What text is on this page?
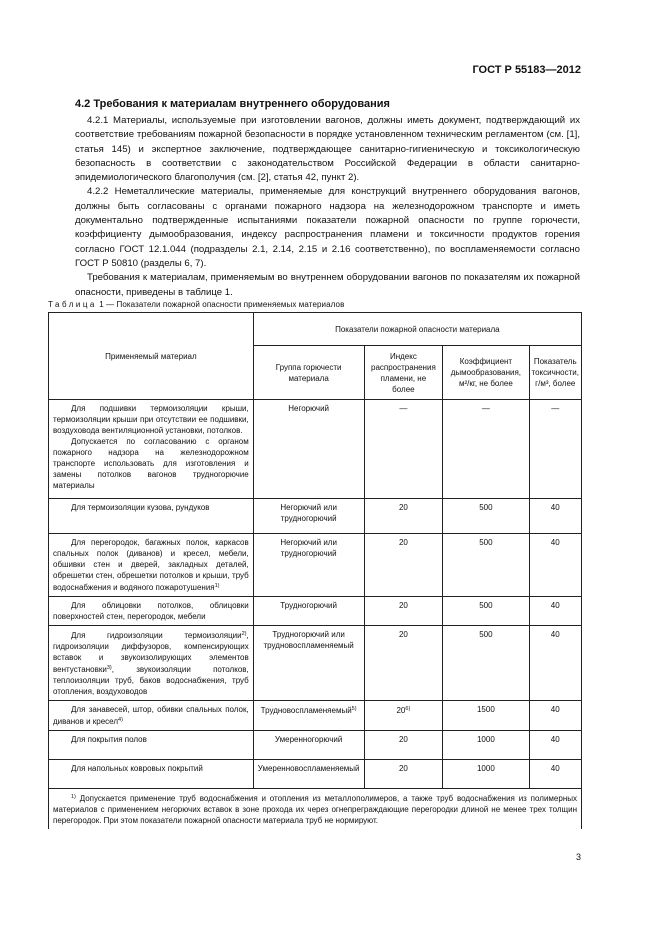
ГОСТ Р 55183—2012
4.2 Требования к материалам внутреннего оборудования

4.2.1 Материалы, используемые при изготовлении вагонов, должны иметь документ, подтверждающий их соответствие требованиям пожарной безопасности в порядке установленном техническим регламентом (см. [1], статья 145) и экспертное заключение, подтверждающее санитарно-гигиеническую и токсикологическую безопасность в соответствии с законодательством Российской Федерации в области санитарно-эпидемиологического благополучия (см. [2], статья 42, пункт 2).

4.2.2 Неметаллические материалы, применяемые для конструкций внутреннего оборудования вагонов, должны быть согласованы с органами пожарного надзора на железнодорожном транспорте и иметь документально подтвержденные испытаниями показатели пожарной опасности по группе горючести, коэффициенту дымообразования, индексу распространения пламени и токсичности продуктов горения согласно ГОСТ 12.1.044 (подразделы 2.1, 2.14, 2.15 и 2.16 соответственно), по воспламеняемости согласно ГОСТ Р 50810 (разделы 6, 7).

Требования к материалам, применяемым во внутреннем оборудовании вагонов по показателям их пожарной опасности, приведены в таблице 1.

Таблица 1 — Показатели пожарной опасности применяемых материалов
Применяемый материал	Показатели пожарной опасности материала			
	Группа горючести материала	Индекс распространения пламени, не более	Коэффициент дымообразования, м²/кг, не более	Показатель токсичности, г/м³, более

Для подшивки термоизоляции крыши, термоизоляции крыши при отсутствии ее подшивки, воздуховода вентиляционной установки, потолков.
Допускается по согласованию с органом пожарного надзора на железнодорожном транспорте использовать для изготовления и замены потолков вагонов трудногорючие материалы	Негорючий	—	—	—

Для термоизоляции кузова, рундуков	Негорючий или трудногорючий	20	500	40

Для перегородок, багажных полок, каркасов спальных полок (диванов) и кресел, мебели, обшивки стен и дверей, закладных деталей, обрешетки стен, обрешетки потолков и крыши, труб водоснабжения и водяного пожаротушения$^{1)}$	Негорючий или трудногорючий	20	500	40

Для облицовки потолков, облицовки поверхностей стен, перегородок, мебели	Трудногорючий	20	500	40

Для гидроизоляции термоизоляции$^{2)}$, гидроизоляции диффузоров, компенсирующих вставок и звукоизолирующих элементов вентустановки$^{3)}$, звукоизоляции потолков, теплоизоляции труб, баков водоснабжения, труб отопления, воздуховодов	Трудногорючий или трудновоспламеняемый	20	500	40

Для занавесей, штор, обивки спальных полок, диванов и кресел$^{4)}$	Трудновоспламеняемый$^{5)}$	20$^{6)}$	1500	40

Для покрытия полов	Умеренногорючий	20	1000	40

Для напольных ковровых покрытий	Умеренновоспламеняемый	20	1000	40

$^{1)}$ Допускается применение труб водоснабжения и отопления из металлополимеров, а также труб водоснабжения из полимерных материалов с применением негорючих вставок в зоне прохода их через огнепреграждающие перегородки длиной не менее трех толщин перегородок. При этом показатели пожарной опасности материала труб не нормируют.				
3
